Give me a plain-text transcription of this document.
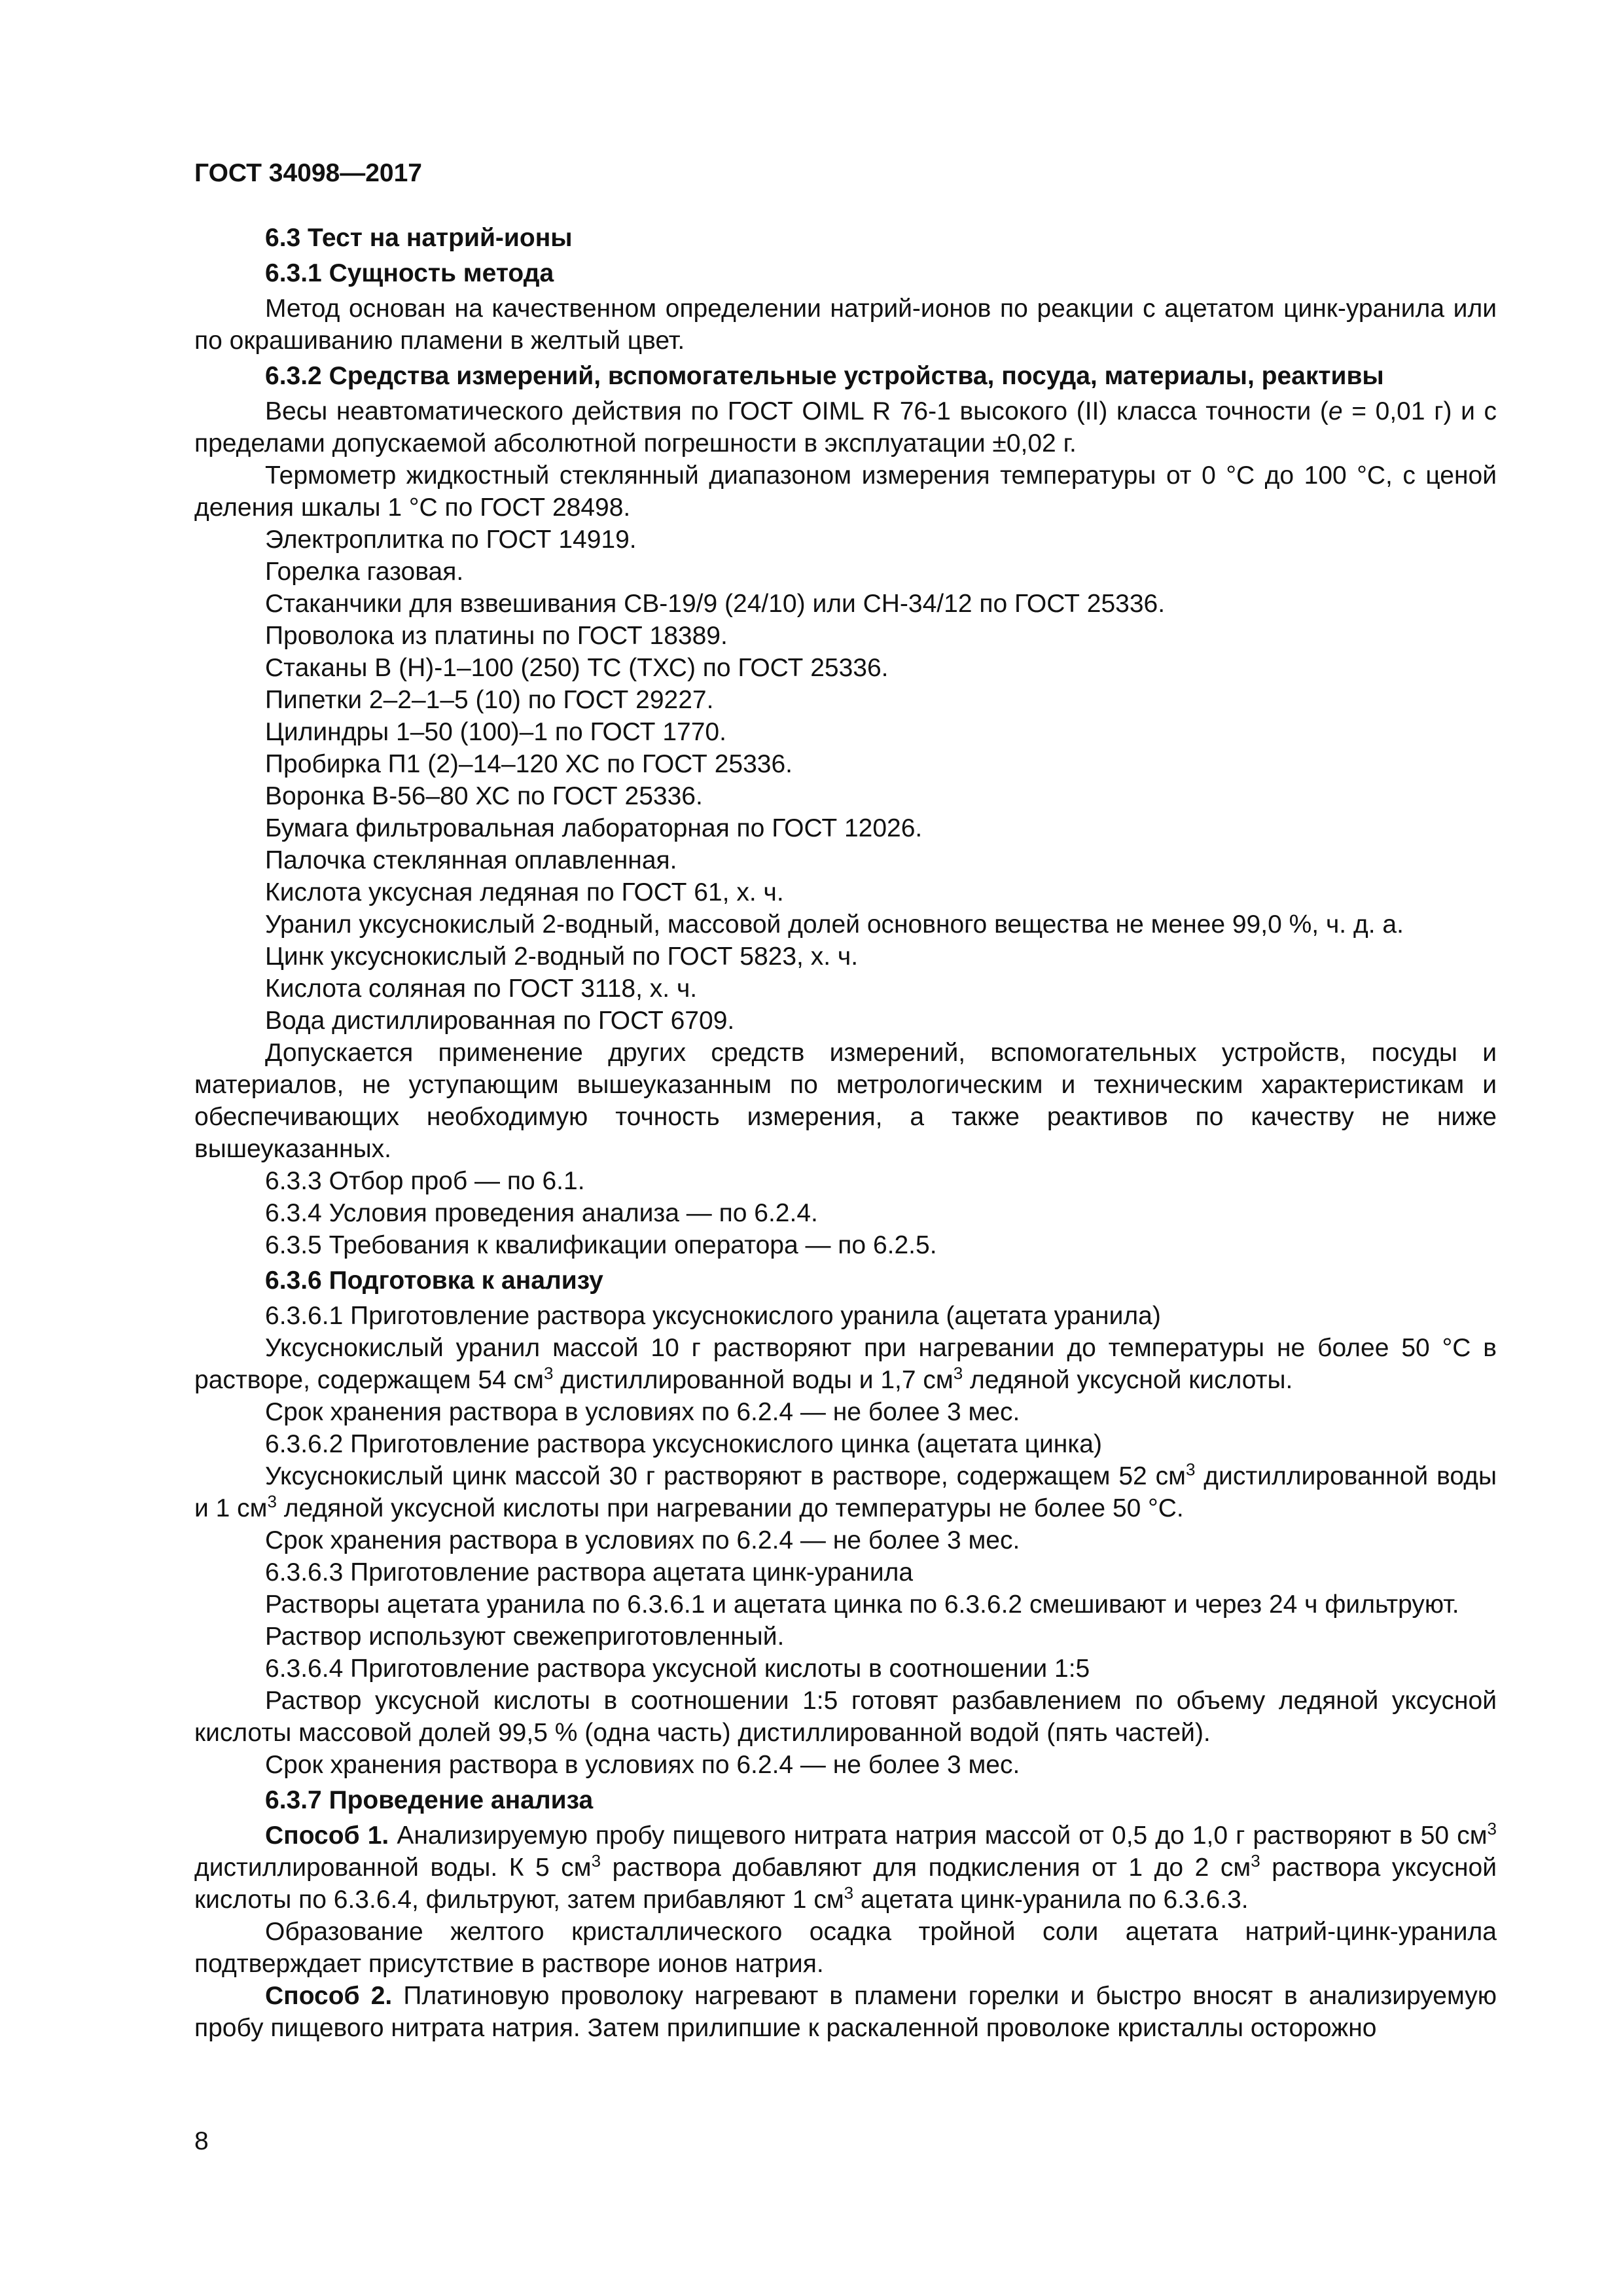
ГОСТ 34098—2017
6.3 Тест на натрий-ионы
6.3.1 Сущность метода
Метод основан на качественном определении натрий-ионов по реакции с ацетатом цинк-уранила или по окрашиванию пламени в желтый цвет.
6.3.2 Средства измерений, вспомогательные устройства, посуда, материалы, реактивы
Весы неавтоматического действия по ГОСТ OIML R 76-1 высокого (II) класса точности (e = 0,01 г) и с пределами допускаемой абсолютной погрешности в эксплуатации ±0,02 г.
Термометр жидкостный стеклянный диапазоном измерения температуры от 0 °С до 100 °С, с ценой деления шкалы 1 °С по ГОСТ 28498.
Электроплитка по ГОСТ 14919.
Горелка газовая.
Стаканчики для взвешивания СВ-19/9 (24/10) или СН-34/12 по ГОСТ 25336.
Проволока из платины по ГОСТ 18389.
Стаканы В (Н)-1–100 (250) ТС (ТХС) по ГОСТ 25336.
Пипетки 2–2–1–5 (10) по ГОСТ 29227.
Цилиндры 1–50 (100)–1 по ГОСТ 1770.
Пробирка П1 (2)–14–120 ХС по ГОСТ 25336.
Воронка В-56–80 ХС по ГОСТ 25336.
Бумага фильтровальная лабораторная по ГОСТ 12026.
Палочка стеклянная оплавленная.
Кислота уксусная ледяная по ГОСТ 61, х. ч.
Уранил уксуснокислый 2-водный, массовой долей основного вещества не менее 99,0 %, ч. д. а.
Цинк уксуснокислый 2-водный по ГОСТ 5823, х. ч.
Кислота соляная по ГОСТ 3118, х. ч.
Вода дистиллированная по ГОСТ 6709.
Допускается применение других средств измерений, вспомогательных устройств, посуды и материалов, не уступающим вышеуказанным по метрологическим и техническим характеристикам и обеспечивающих необходимую точность измерения, а также реактивов по качеству не ниже вышеуказанных.
6.3.3 Отбор проб — по 6.1.
6.3.4 Условия проведения анализа — по 6.2.4.
6.3.5 Требования к квалификации оператора — по 6.2.5.
6.3.6 Подготовка к анализу
6.3.6.1 Приготовление раствора уксуснокислого уранила (ацетата уранила)
Уксуснокислый уранил массой 10 г растворяют при нагревании до температуры не более 50 °С в растворе, содержащем 54 $см^3$ дистиллированной воды и 1,7 $см^3$ ледяной уксусной кислоты.
Срок хранения раствора в условиях по 6.2.4 — не более 3 мес.
6.3.6.2 Приготовление раствора уксуснокислого цинка (ацетата цинка)
Уксуснокислый цинк массой 30 г растворяют в растворе, содержащем 52 $см^3$ дистиллированной воды и 1 $см^3$ ледяной уксусной кислоты при нагревании до температуры не более 50 °С.
Срок хранения раствора в условиях по 6.2.4 — не более 3 мес.
6.3.6.3 Приготовление раствора ацетата цинк-уранила
Растворы ацетата уранила по 6.3.6.1 и ацетата цинка по 6.3.6.2 смешивают и через 24 ч фильтруют.
Раствор используют свежеприготовленный.
6.3.6.4 Приготовление раствора уксусной кислоты в соотношении 1:5
Раствор уксусной кислоты в соотношении 1:5 готовят разбавлением по объему ледяной уксусной кислоты массовой долей 99,5 % (одна часть) дистиллированной водой (пять частей).
Срок хранения раствора в условиях по 6.2.4 — не более 3 мес.
6.3.7 Проведение анализа
Способ 1. Анализируемую пробу пищевого нитрата натрия массой от 0,5 до 1,0 г растворяют в 50 $см^3$ дистиллированной воды. К 5 $см^3$ раствора добавляют для подкисления от 1 до 2 $см^3$ раствора уксусной кислоты по 6.3.6.4, фильтруют, затем прибавляют 1 $см^3$ ацетата цинк-уранила по 6.3.6.3.
Образование желтого кристаллического осадка тройной соли ацетата натрий-цинк-уранила подтверждает присутствие в растворе ионов натрия.
Способ 2. Платиновую проволоку нагревают в пламени горелки и быстро вносят в анализируемую пробу пищевого нитрата натрия. Затем прилипшие к раскаленной проволоке кристаллы осторожно
8
